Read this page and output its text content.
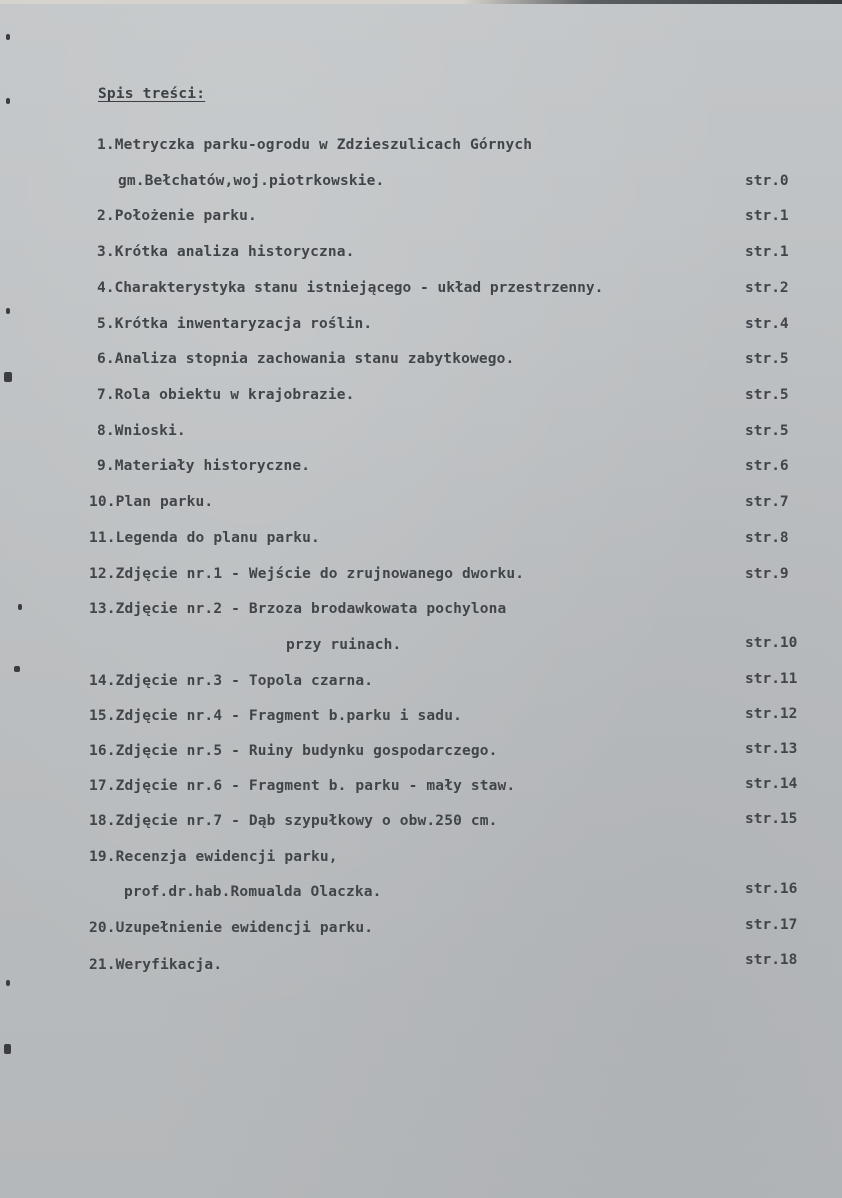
Spis treści:
1.Metryczka parku-ogrodu w Zdzieszulicach Górnych
gm.Bełchatów,woj.piotrkowskie.	str.0
2.Położenie parku.	str.1
3.Krótka analiza historyczna.	str.1
4.Charakterystyka stanu istniejącego - układ przestrzenny.	str.2
5.Krótka inwentaryzacja roślin.	str.4
6.Analiza stopnia zachowania stanu zabytkowego.	str.5
7.Rola obiektu w krajobrazie.	str.5
8.Wnioski.	str.5
9.Materiały historyczne.	str.6
10.Plan parku.	str.7
11.Legenda do planu parku.	str.8
12.Zdjęcie nr.1 - Wejście do zrujnowanego dworku.	str.9
13.Zdjęcie nr.2 - Brzoza brodawkowata pochylona
przy ruinach.	str.10
14.Zdjęcie nr.3 - Topola czarna.	str.11
15.Zdjęcie nr.4 - Fragment b.parku i sadu.	str.12
16.Zdjęcie nr.5 - Ruiny budynku gospodarczego.	str.13
17.Zdjęcie nr.6 - Fragment b. parku - mały staw.	str.14
18.Zdjęcie nr.7 - Dąb szypułkowy o obw.250 cm.	str.15
19.Recenzja ewidencji parku,
prof.dr.hab.Romualda Olaczka.	str.16
20.Uzupełnienie ewidencji parku.	str.17
21.Weryfikacja.	str.18
